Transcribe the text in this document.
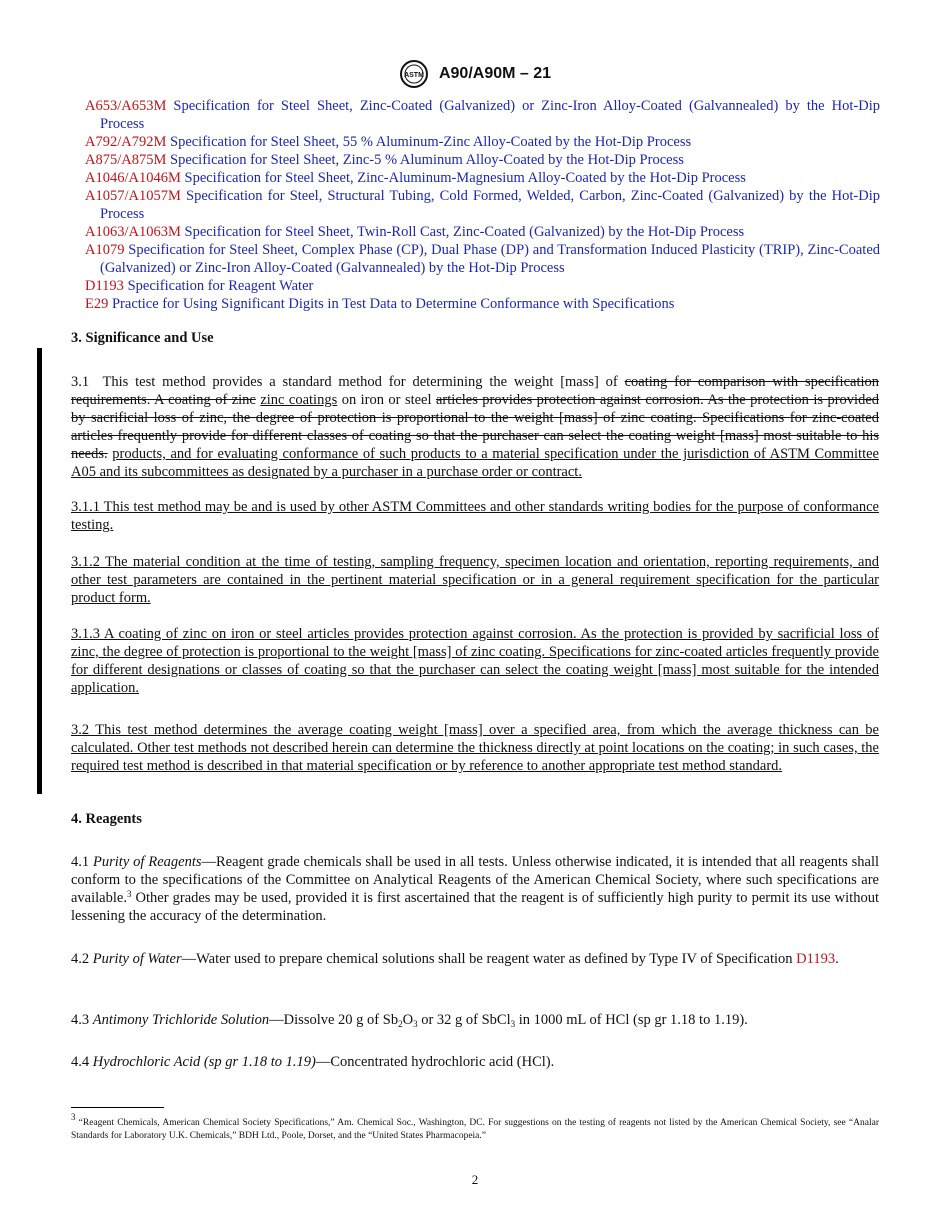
ASTM A90/A90M – 21
A653/A653M Specification for Steel Sheet, Zinc-Coated (Galvanized) or Zinc-Iron Alloy-Coated (Galvannealed) by the Hot-Dip Process
A792/A792M Specification for Steel Sheet, 55 % Aluminum-Zinc Alloy-Coated by the Hot-Dip Process
A875/A875M Specification for Steel Sheet, Zinc-5 % Aluminum Alloy-Coated by the Hot-Dip Process
A1046/A1046M Specification for Steel Sheet, Zinc-Aluminum-Magnesium Alloy-Coated by the Hot-Dip Process
A1057/A1057M Specification for Steel, Structural Tubing, Cold Formed, Welded, Carbon, Zinc-Coated (Galvanized) by the Hot-Dip Process
A1063/A1063M Specification for Steel Sheet, Twin-Roll Cast, Zinc-Coated (Galvanized) by the Hot-Dip Process
A1079 Specification for Steel Sheet, Complex Phase (CP), Dual Phase (DP) and Transformation Induced Plasticity (TRIP), Zinc-Coated (Galvanized) or Zinc-Iron Alloy-Coated (Galvannealed) by the Hot-Dip Process
D1193 Specification for Reagent Water
E29 Practice for Using Significant Digits in Test Data to Determine Conformance with Specifications
3. Significance and Use
3.1 This test method provides a standard method for determining the weight [mass] of coating for comparison with specification requirements. A coating of zinc zinc coatings on iron or steel articles provides protection against corrosion. As the protection is provided by sacrificial loss of zinc, the degree of protection is proportional to the weight [mass] of zinc coating. Specifications for zinc-coated articles frequently provide for different classes of coating so that the purchaser can select the coating weight [mass] most suitable to his needs. products, and for evaluating conformance of such products to a material specification under the jurisdiction of ASTM Committee A05 and its subcommittees as designated by a purchaser in a purchase order or contract.
3.1.1 This test method may be and is used by other ASTM Committees and other standards writing bodies for the purpose of conformance testing.
3.1.2 The material condition at the time of testing, sampling frequency, specimen location and orientation, reporting requirements, and other test parameters are contained in the pertinent material specification or in a general requirement specification for the particular product form.
3.1.3 A coating of zinc on iron or steel articles provides protection against corrosion. As the protection is provided by sacrificial loss of zinc, the degree of protection is proportional to the weight [mass] of zinc coating. Specifications for zinc-coated articles frequently provide for different designations or classes of coating so that the purchaser can select the coating weight [mass] most suitable for the intended application.
3.2 This test method determines the average coating weight [mass] over a specified area, from which the average thickness can be calculated. Other test methods not described herein can determine the thickness directly at point locations on the coating; in such cases, the required test method is described in that material specification or by reference to another appropriate test method standard.
4. Reagents
4.1 Purity of Reagents—Reagent grade chemicals shall be used in all tests. Unless otherwise indicated, it is intended that all reagents shall conform to the specifications of the Committee on Analytical Reagents of the American Chemical Society, where such specifications are available.$^3$ Other grades may be used, provided it is first ascertained that the reagent is of sufficiently high purity to permit its use without lessening the accuracy of the determination.
4.2 Purity of Water—Water used to prepare chemical solutions shall be reagent water as defined by Type IV of Specification D1193.
4.3 Antimony Trichloride Solution—Dissolve 20 g of $Sb_2O_3$ or 32 g of SbCl$_3$ in 1000 mL of HCl (sp gr 1.18 to 1.19).
4.4 Hydrochloric Acid (sp gr 1.18 to 1.19)—Concentrated hydrochloric acid (HCl).
$^3$ “Reagent Chemicals, American Chemical Society Specifications,” Am. Chemical Soc., Washington, DC. For suggestions on the testing of reagents not listed by the American Chemical Society, see “Analar Standards for Laboratory U.K. Chemicals,” BDH Ltd., Poole, Dorset, and the “United States Pharmacopeia.”
2
